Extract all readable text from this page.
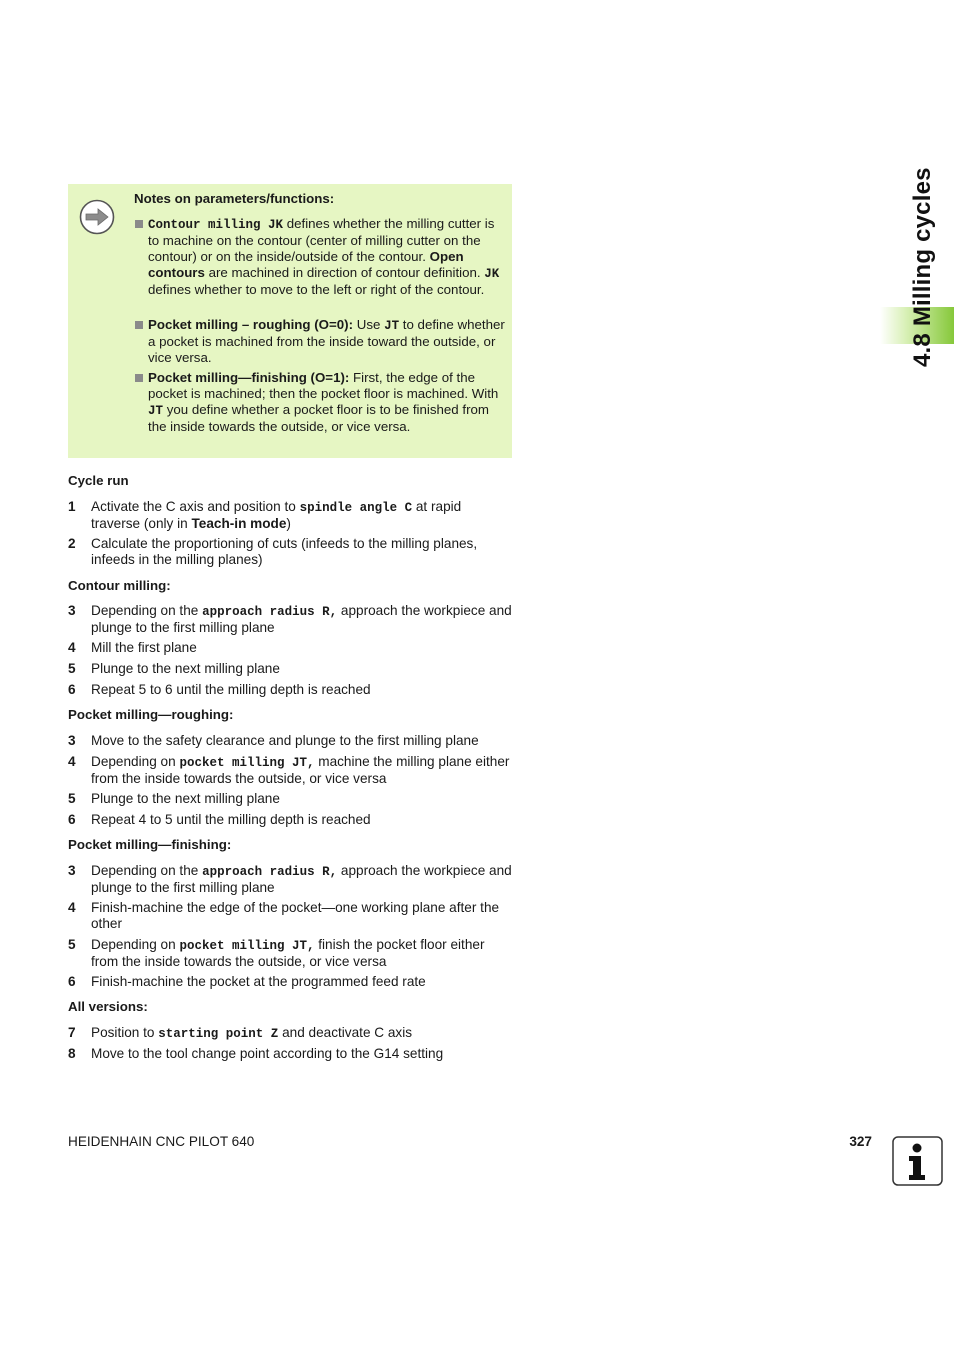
4.8 Milling cycles
Notes on parameters/functions:
Contour milling JK defines whether the milling cutter is to machine on the contour (center of milling cutter on the contour) or on the inside/outside of the contour. Open contours are machined in direction of contour definition. JK defines whether to move to the left or right of the contour.
Pocket milling – roughing (O=0): Use JT to define whether a pocket is machined from the inside toward the outside, or vice versa.
Pocket milling—finishing (O=1): First, the edge of the pocket is machined; then the pocket floor is machined. With JT you define whether a pocket floor is to be finished from the inside towards the outside, or vice versa.
Cycle run
1 Activate the C axis and position to spindle angle C at rapid traverse (only in Teach-in mode)
2 Calculate the proportioning of cuts (infeeds to the milling planes, infeeds in the milling planes)
Contour milling:
3 Depending on the approach radius R, approach the workpiece and plunge to the first milling plane
4 Mill the first plane
5 Plunge to the next milling plane
6 Repeat 5 to 6 until the milling depth is reached
Pocket milling—roughing:
3 Move to the safety clearance and plunge to the first milling plane
4 Depending on pocket milling JT, machine the milling plane either from the inside towards the outside, or vice versa
5 Plunge to the next milling plane
6 Repeat 4 to 5 until the milling depth is reached
Pocket milling—finishing:
3 Depending on the approach radius R, approach the workpiece and plunge to the first milling plane
4 Finish-machine the edge of the pocket—one working plane after the other
5 Depending on pocket milling JT, finish the pocket floor either from the inside towards the outside, or vice versa
6 Finish-machine the pocket at the programmed feed rate
All versions:
7 Position to starting point Z and deactivate C axis
8 Move to the tool change point according to the G14 setting
HEIDENHAIN CNC PILOT 640	327
